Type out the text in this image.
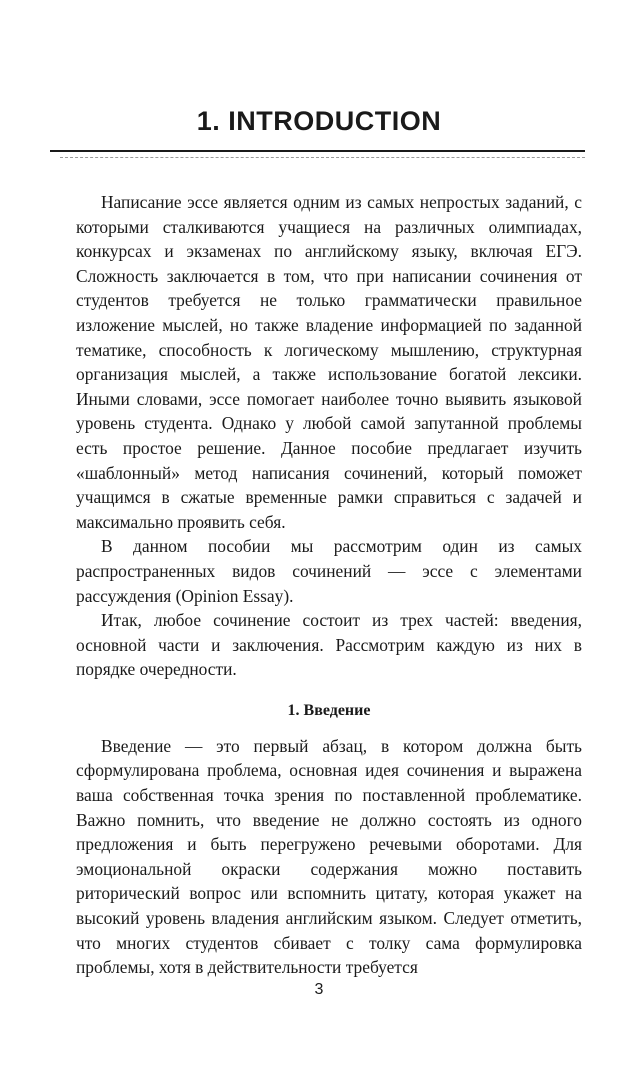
1. INTRODUCTION

Написание эссе является одним из самых непростых заданий, с которыми сталкиваются учащиеся на различных олимпиадах, конкурсах и экзаменах по английскому языку, включая ЕГЭ. Сложность заключается в том, что при написании сочинения от студентов требуется не только грамматически правильное изложение мыслей, но также владение информацией по заданной тематике, способность к логическому мышлению, структурная организация мыслей, а также использование богатой лексики. Иными словами, эссе помогает наиболее точно выявить языковой уровень студента. Однако у любой самой запутанной проблемы есть простое решение. Данное пособие предлагает изучить «шаблонный» метод написания сочинений, который поможет учащимся в сжатые временные рамки справиться с задачей и максимально проявить себя.

В данном пособии мы рассмотрим один из самых распространенных видов сочинений — эссе с элементами рассуждения (Opinion Essay).

Итак, любое сочинение состоит из трех частей: введения, основной части и заключения. Рассмотрим каждую из них в порядке очередности.

1. Введение

Введение — это первый абзац, в котором должна быть сформулирована проблема, основная идея сочинения и выражена ваша собственная точка зрения по поставленной проблематике. Важно помнить, что введение не должно состоять из одного предложения и быть перегружено речевыми оборотами. Для эмоциональной окраски содержания можно поставить риторический вопрос или вспомнить цитату, которая укажет на высокий уровень владения английским языком. Следует отметить, что многих студентов сбивает с толку сама формулировка проблемы, хотя в действительности требуется

3
